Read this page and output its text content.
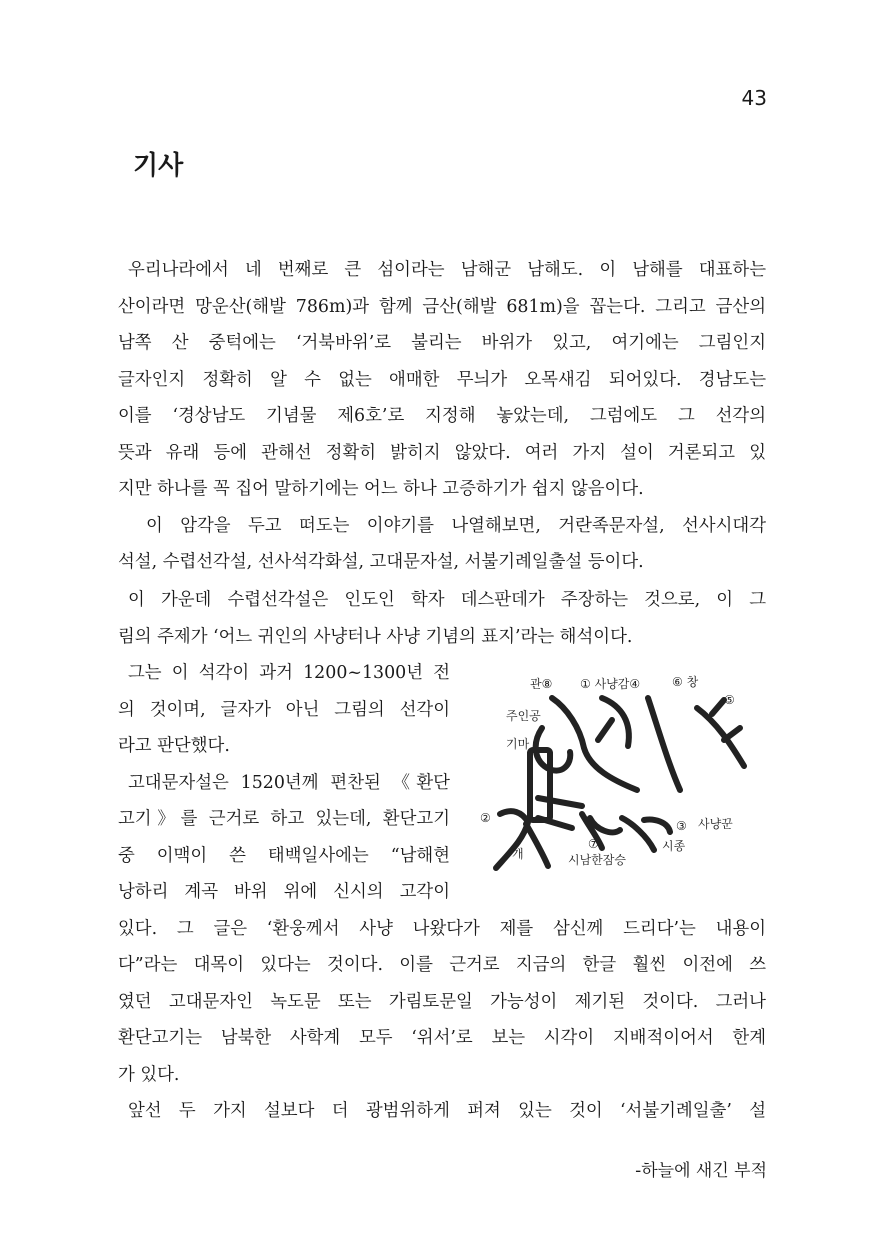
43
기사
우리나라에서 네 번째로 큰 섬이라는 남해군 남해도. 이 남해를 대표하는
산이라면 망운산(해발 786m)과 함께 금산(해발 681m)을 꼽는다. 그리고 금산의
남쪽 산 중턱에는 ‘거북바위’로 불리는 바위가 있고, 여기에는 그림인지
글자인지 정확히 알 수 없는 애매한 무늬가 오목새김 되어있다. 경남도는
이를 ‘경상남도 기념물 제6호’로 지정해 놓았는데, 그럼에도 그 선각의
뜻과 유래 등에 관해선 정확히 밝히지 않았다. 여러 가지 설이 거론되고 있
지만 하나를 꼭 집어 말하기에는 어느 하나 고증하기가 쉽지 않음이다.
이 암각을 두고 떠도는 이야기를 나열해보면, 거란족문자설, 선사시대각
석설, 수렵선각설, 선사석각화설, 고대문자설, 서불기례일출설 등이다.
이 가운데 수렵선각설은 인도인 학자 데스판데가 주장하는 것으로, 이 그
림의 주제가 ‘어느 귀인의 사냥터나 사냥 기념의 표지’라는 해석이다.
그는 이 석각이 과거 1200~1300년 전
의 것이며, 글자가 아닌 그림의 선각이
라고 판단했다.
고대문자설은 1520년께 편찬된 《환단
고기》를 근거로 하고 있는데, 환단고기
중 이맥이 쓴 태백일사에는 “남해현
낭하리 계곡 바위 위에 신시의 고각이
있다. 그 글은 ‘환웅께서 사냥 나왔다가 제를 삼신께 드리다’는 내용이
다”라는 대목이 있다는 것이다. 이를 근거로 지금의 한글 훨씬 이전에 쓰
였던 고대문자인 녹도문 또는 가림토문일 가능성이 제기된 것이다. 그러나
환단고기는 남북한 사학계 모두 ‘위서’로 보는 시각이 지배적이어서 한계
가 있다.
앞선 두 가지 설보다 더 광범위하게 퍼져 있는 것이 ‘서불기례일출’ 설
관⑧ ① 사냥감④	⑥ 창
⑤
주인공
기마
사냥꾼
②
개
⑦
시남한잠승
③
시종
-하늘에 새긴 부적
